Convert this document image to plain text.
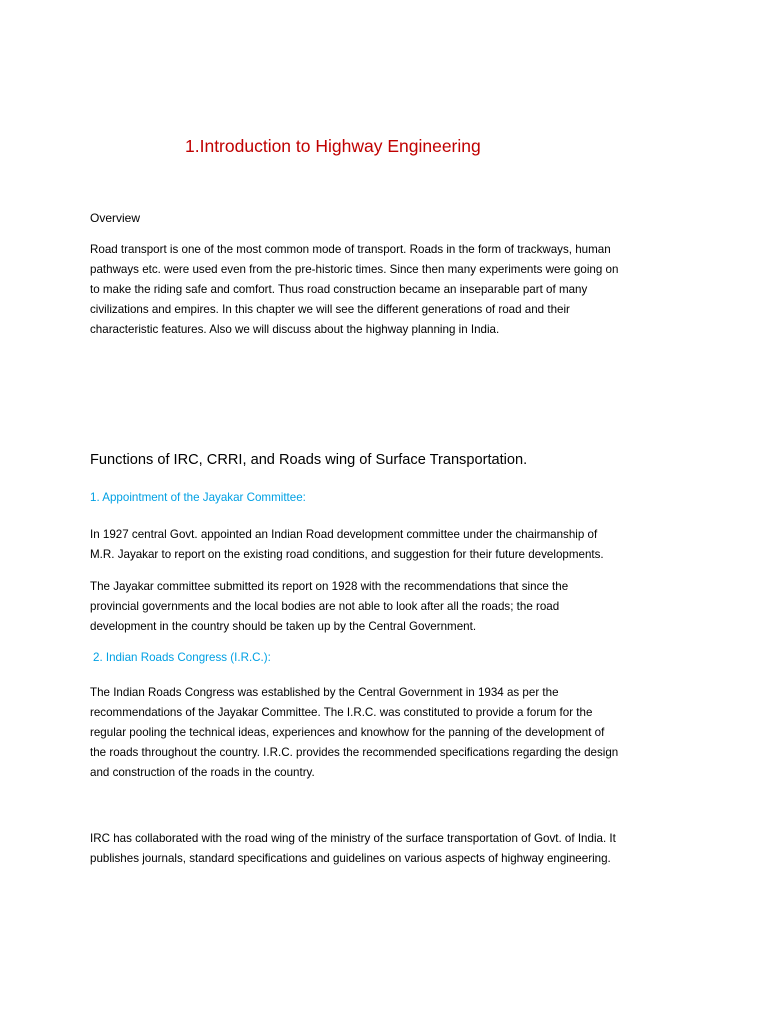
1.Introduction to Highway Engineering

Overview

Road transport is one of the most common mode of transport. Roads in the form of trackways, human
pathways etc. were used even from the pre-historic times. Since then many experiments were going on
to make the riding safe and comfort. Thus road construction became an inseparable part of many
civilizations and empires. In this chapter we will see the different generations of road and their
characteristic features. Also we will discuss about the highway planning in India.

Functions of IRC, CRRI, and Roads wing of Surface Transportation.
1. Appointment of the Jayakar Committee:

In 1927 central Govt. appointed an Indian Road development committee under the chairmanship of
M.R. Jayakar to report on the existing road conditions, and suggestion for their future developments.

The Jayakar committee submitted its report on 1928 with the recommendations that since the
provincial governments and the local bodies are not able to look after all the roads; the road
development in the country should be taken up by the Central Government.

2. Indian Roads Congress (I.R.C.):

The Indian Roads Congress was established by the Central Government in 1934 as per the
recommendations of the Jayakar Committee. The I.R.C. was constituted to provide a forum for the
regular pooling the technical ideas, experiences and knowhow for the panning of the development of
the roads throughout the country. I.R.C. provides the recommended specifications regarding the design
and construction of the roads in the country.

IRC has collaborated with the road wing of the ministry of the surface transportation of Govt. of India. It
publishes journals, standard specifications and guidelines on various aspects of highway engineering.
